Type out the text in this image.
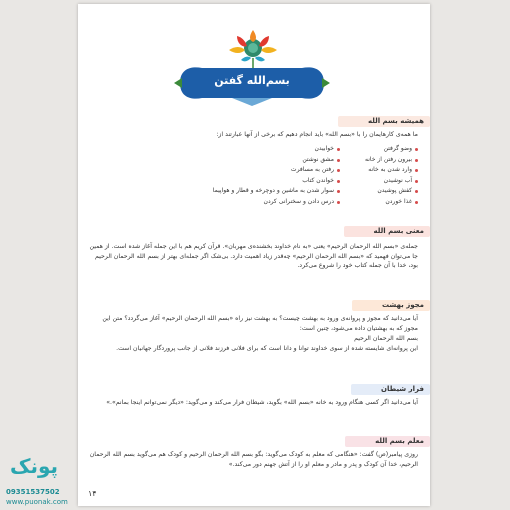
بسم‌الله گفتن
همیشه بسم الله
ما همه‌ی کارهایمان را با «بسم الله» باید انجام دهیم که برخی از آنها عبارتند از:
وضو گرفتن
بیرون رفتن از خانه
وارد شدن به خانه
آب نوشیدن
کفش پوشیدن
غذا خوردن
خوابیدن
مشق نوشتن
رفتن به مسافرت
خواندن کتاب
سوار شدن به ماشین و دوچرخه و قطار و هواپیما
درس دادن و سخنرانی کردن
معنی بسم الله
جمله‌ی «بسم الله الرحمان الرحیم» یعنی «به نام خداوند بخشنده‌ی مهربان». قرآن کریم هم با این جمله آغاز شده است. از همین جا می‌توان فهمید که «بسم الله الرحمان الرحیم» چه‌قدر زیاد اهمیت دارد. بی‌شک اگر جمله‌ای بهتر از بسم الله الرحمان الرحیم بود، خدا با آن جمله کتاب خود را شروع می‌کرد.
مجوز بهشت
آیا می‌دانید که مجوز و پروانه‌ی ورود به بهشت چیست؟ به بهشت نیز راه «بسم الله الرحمان الرحیم» آغاز می‌گردد؟ متن این مجوز که به بهشتیان داده می‌شود، چنین است:
بسم الله الرحمان الرحیم
این پروانه‌ای شایسته شده از سوی خداوند توانا و دانا است که برای فلانی فرزند فلانی از جانب پروردگار جهانیان است.
فرار شیطان
آیا می‌دانید اگر کسی هنگام ورود به خانه «بسم الله» بگوید، شیطان فرار می‌کند و می‌گوید: «دیگر نمی‌توانم اینجا بمانم».»
معلم بسم الله
روزی پیامبر(ص) گفت: «هنگامی که معلم به کودک می‌گوید: بگو بسم الله الرحمان الرحیم و کودک هم می‌گوید بسم الله الرحمان الرحیم، خدا آن کودک و پدر و مادر و معلم او را از آتش جهنم دور می‌کند.»
۱۴
پونک
09351537502
www.puonak.com
